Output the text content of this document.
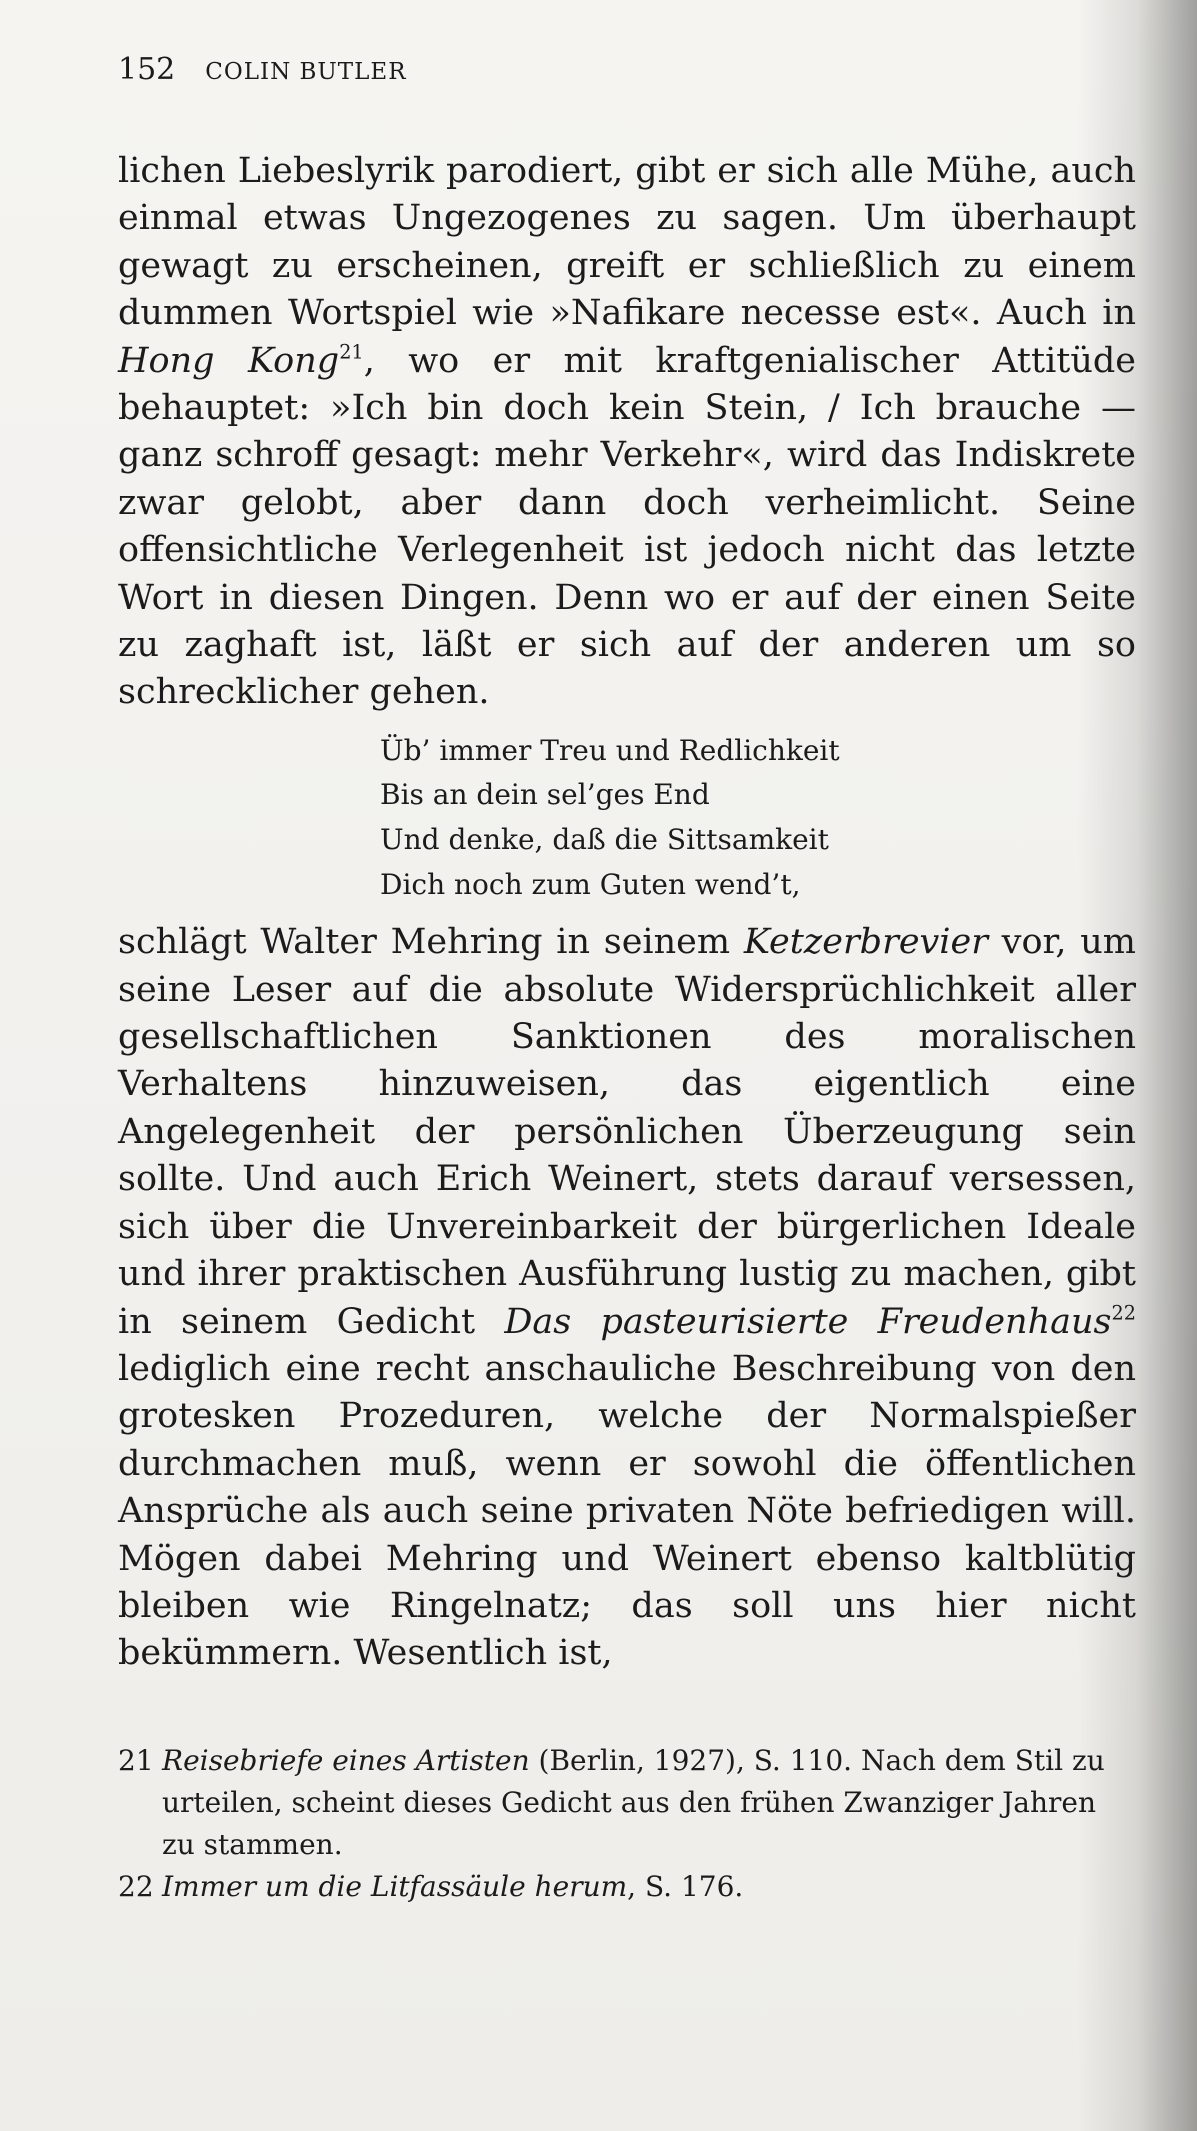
152 COLIN BUTLER

lichen Liebeslyrik parodiert, gibt er sich alle Mühe, auch einmal etwas Ungezogenes zu sagen. Um überhaupt gewagt zu erscheinen, greift er schließlich zu einem dummen Wortspiel wie »Nafikare necesse est«. Auch in Hong Kong$^{21}$, wo er mit kraftgenialischer Attitüde behauptet: »Ich bin doch kein Stein, / Ich brauche — ganz schroff gesagt: mehr Verkehr«, wird das Indiskrete zwar gelobt, aber dann doch verheimlicht. Seine offensichtliche Verlegenheit ist jedoch nicht das letzte Wort in diesen Dingen. Denn wo er auf der einen Seite zu zaghaft ist, läßt er sich auf der anderen um so schrecklicher gehen.

Üb’ immer Treu und Redlichkeit
Bis an dein sel’ges End
Und denke, daß die Sittsamkeit
Dich noch zum Guten wend’t,

schlägt Walter Mehring in seinem Ketzerbrevier vor, um seine Leser auf die absolute Widersprüchlichkeit aller gesellschaftlichen Sanktionen des moralischen Verhaltens hinzuweisen, das eigentlich eine Angelegenheit der persönlichen Überzeugung sein sollte. Und auch Erich Weinert, stets darauf versessen, sich über die Unvereinbarkeit der bürgerlichen Ideale und ihrer praktischen Ausführung lustig zu machen, gibt in seinem Gedicht Das pasteurisierte Freudenhaus$^{22}$ lediglich eine recht anschauliche Beschreibung von den grotesken Prozeduren, welche der Normalspießer durchmachen muß, wenn er sowohl die öffentlichen Ansprüche als auch seine privaten Nöte befriedigen will. Mögen dabei Mehring und Weinert ebenso kaltblütig bleiben wie Ringelnatz; das soll uns hier nicht bekümmern. Wesentlich ist,

21 Reisebriefe eines Artisten (Berlin, 1927), S. 110. Nach dem Stil zu urteilen, scheint dieses Gedicht aus den frühen Zwanziger Jahren zu stammen.

22 Immer um die Litfassäule herum, S. 176.
